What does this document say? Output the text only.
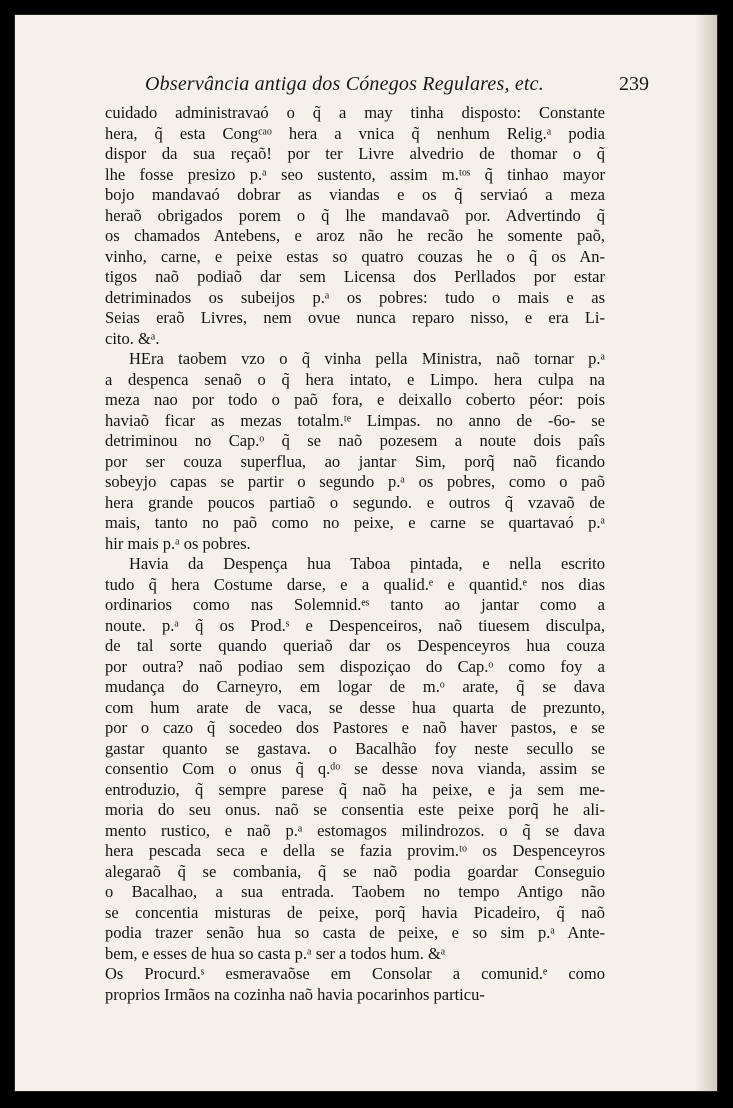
Observância antiga dos Cónegos Regulares, etc.	239
cuidado administravaó o q̃ a may tinha disposto: Constante
hera, q̃ esta Congᶜᵃᵒ hera a vnica q̃ nenhum Relig.ᵃ podia
dispor da sua reçaõ! por ter Livre alvedrio de thomar o q̃
lhe fosse presizo p.ᵃ seo sustento, assim m.ᵗᵒˢ q̃ tinhao mayor
bojo mandavaó dobrar as viandas e os q̃ serviaó a meza
heraõ obrigados porem o q̃ lhe mandavaõ por. Advertindo q̃
os chamados Antebens, e aroz não he recão he somente paõ,
vinho, carne, e peixe estas so quatro couzas he o q̃ os An-
tigos naõ podiaõ dar sem Licensa dos Perllados por estar
detriminados os subeijos p.ᵃ os pobres: tudo o mais e as
Seias eraõ Livres, nem ovue nunca reparo nisso, e era Li-
cito. &ᵃ.
HEra taobem vzo o q̃ vinha pella Ministra, naõ tornar p.ᵃ
a despenca senaõ o q̃ hera intato, e Limpo. hera culpa na
meza nao por todo o paõ fora, e deixallo coberto péor: pois
haviaõ ficar as mezas totalm.ᵗᵉ Limpas. no anno de -6o- se
detriminou no Cap.ᵒ q̃ se naõ pozesem a noute dois paîs
por ser couza superflua, ao jantar Sim, porq̃ naõ ficando
sobeyjo capas se partir o segundo p.ᵃ os pobres, como o paõ
hera grande poucos partiaõ o segundo. e outros q̃ vzavaõ de
mais, tanto no paõ como no peixe, e carne se quartavaó p.ᵃ
hir mais p.ᵃ os pobres.
Havia da Despença hua Taboa pintada, e nella escrito
tudo q̃ hera Costume darse, e a qualid.ᵉ e quantid.ᵉ nos dias
ordinarios como nas Solemnid.ᵉˢ tanto ao jantar como a
noute. p.ᵃ q̃ os Prod.ˢ e Despenceiros, naõ tiuesem disculpa,
de tal sorte quando queriaõ dar os Despenceyros hua couza
por outra? naõ podiao sem dispoziçao do Cap.ᵒ como foy a
mudança do Carneyro, em logar de m.ᵒ arate, q̃ se dava
com hum arate de vaca, se desse hua quarta de prezunto,
por o cazo q̃ socedeo dos Pastores e naõ haver pastos, e se
gastar quanto se gastava. o Bacalhão foy neste secullo se
consentio Com o onus q̃ q.ᵈᵒ se desse nova vianda, assim se
entroduzio, q̃ sempre parese q̃ naõ ha peixe, e ja sem me-
moria do seu onus. naõ se consentia este peixe porq̃ he ali-
mento rustico, e naõ p.ᵃ estomagos milindrozos. o q̃ se dava
hera pescada seca e della se fazia provim.ᵗᵒ os Despenceyros
alegaraõ q̃ se combania, q̃ se naõ podia goardar Conseguio
o Bacalhao, a sua entrada. Taobem no tempo Antigo não
se concentia misturas de peixe, porq̃ havia Picadeiro, q̃ naõ
podia trazer senão hua so casta de peixe, e so sim p.ᵃ Ante-
bem, e esses de hua so casta p.ᵃ ser a todos hum. &ᵃ
Os Procurd.ˢ esmeravaõse em Consolar a comunid.ᵉ como
proprios Irmãos na cozinha naõ havia pocarinhos particu-
